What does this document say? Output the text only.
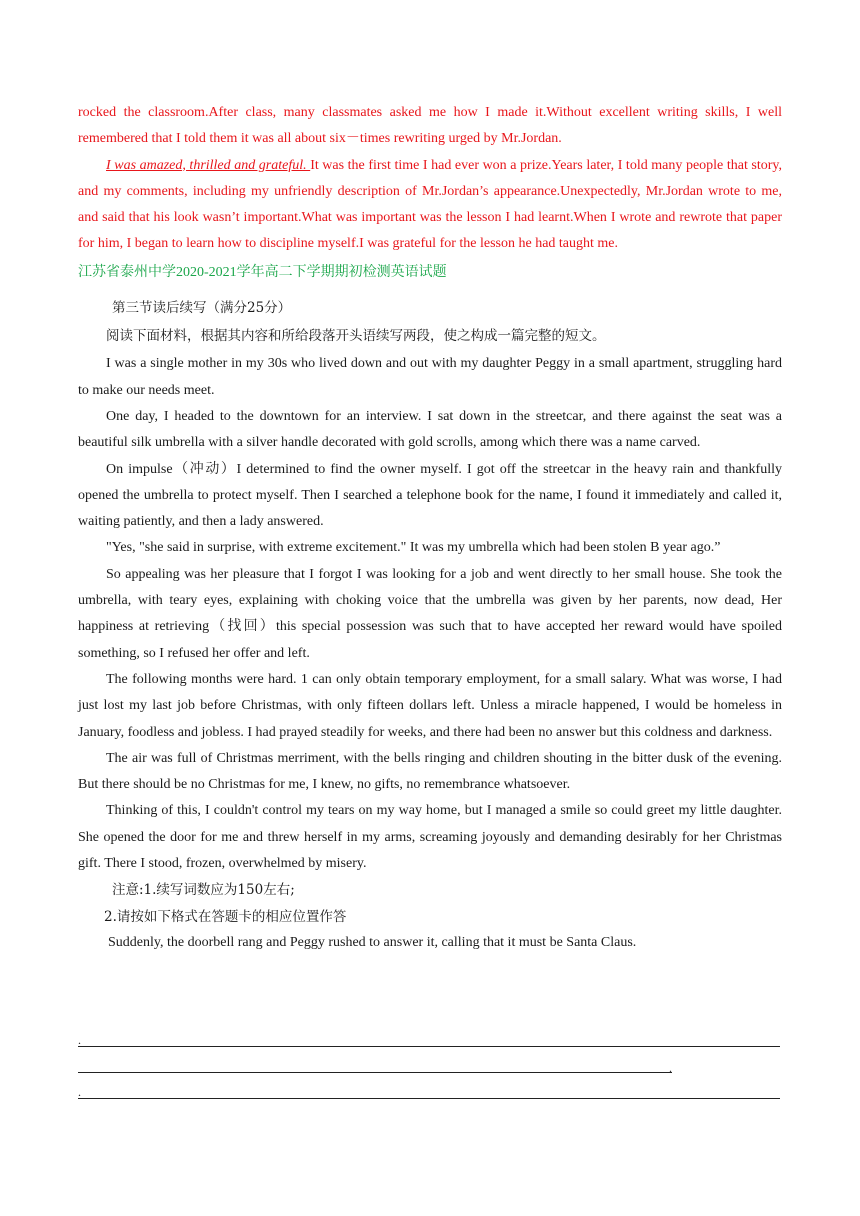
rocked the classroom.After class, many classmates asked me how I made it.Without excellent writing skills, I well remembered that I told them it was all about six－times rewriting urged by Mr.Jordan.

I was amazed, thrilled and grateful. It was the first time I had ever won a prize.Years later, I told many people that story, and my comments, including my unfriendly description of Mr.Jordan’s appearance.Unexpectedly, Mr.Jordan wrote to me, and said that his look wasn’t important.What was important was the lesson I had learnt.When I wrote and rewrote that paper for him, I began to learn how to discipline myself.I was grateful for the lesson he had taught me.

江苏省泰州中学2020-2021学年高二下学期期初检测英语试题

第三节读后续写（满分25分）

阅读下面材料，根据其内容和所给段落开头语续写两段，使之构成一篇完整的短文。

I was a single mother in my 30s who lived down and out with my daughter Peggy in a small apartment, struggling hard to make our needs meet.

One day, I headed to the downtown for an interview. I sat down in the streetcar, and there against the seat was a beautiful silk umbrella with a silver handle decorated with gold scrolls, among which there was a name carved.

On impulse（冲动）I determined to find the owner myself. I got off the streetcar in the heavy rain and thankfully opened the umbrella to protect myself. Then I searched a telephone book for the name, I found it immediately and called it, waiting patiently, and then a lady answered.

"Yes, "she said in surprise, with extreme excitement." It was my umbrella which had been stolen B year ago.”

So appealing was her pleasure that I forgot I was looking for a job and went directly to her small house. She took the umbrella, with teary eyes, explaining with choking voice that the umbrella was given by her parents, now dead, Her happiness at retrieving（找回）this special possession was such that to have accepted her reward would have spoiled something, so I refused her offer and left.

The following months were hard. 1 can only obtain temporary employment, for a small salary. What was worse, I had just lost my last job before Christmas, with only fifteen dollars left. Unless a miracle happened, I would be homeless in January, foodless and jobless. I had prayed steadily for weeks, and there had been no answer but this coldness and darkness.

The air was full of Christmas merriment, with the bells ringing and children shouting in the bitter dusk of the evening. But there should be no Christmas for me, I knew, no gifts, no remembrance whatsoever.

Thinking of this, I couldn't control my tears on my way home, but I managed a smile so could greet my little daughter. She opened the door for me and threw herself in my arms, screaming joyously and demanding desirably for her Christmas gift. There I stood, frozen, overwhelmed by misery.

注意:1.续写词数应为150左右;

2.请按如下格式在答题卡的相应位置作答

Suddenly, the doorbell rang and Peggy rushed to answer it, calling that it must be Santa Claus.

.
.
.
